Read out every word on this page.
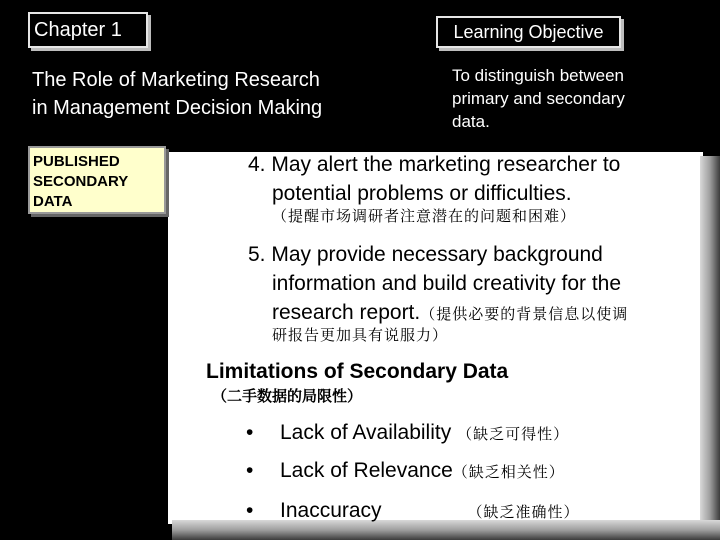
Chapter 1	Learning Objective
To distinguish between
primary and secondary
data.
The Role of Marketing Research
in Management Decision Making
PUBLISHED
SECONDARY
DATA
4. May alert the marketing researcher to
potential problems or difficulties.
（提醒市场调研者注意潜在的问题和困难）
5. May provide necessary background
information and build creativity for the research report.（提供必要的背景信息以使调
研报告更加具有说服力）
Limitations of Secondary Data
（二手数据的局限性）
• Lack of Availability （缺乏可得性）
• Lack of Relevance（缺乏相关性）
• Inaccuracy	（缺乏准确性）
